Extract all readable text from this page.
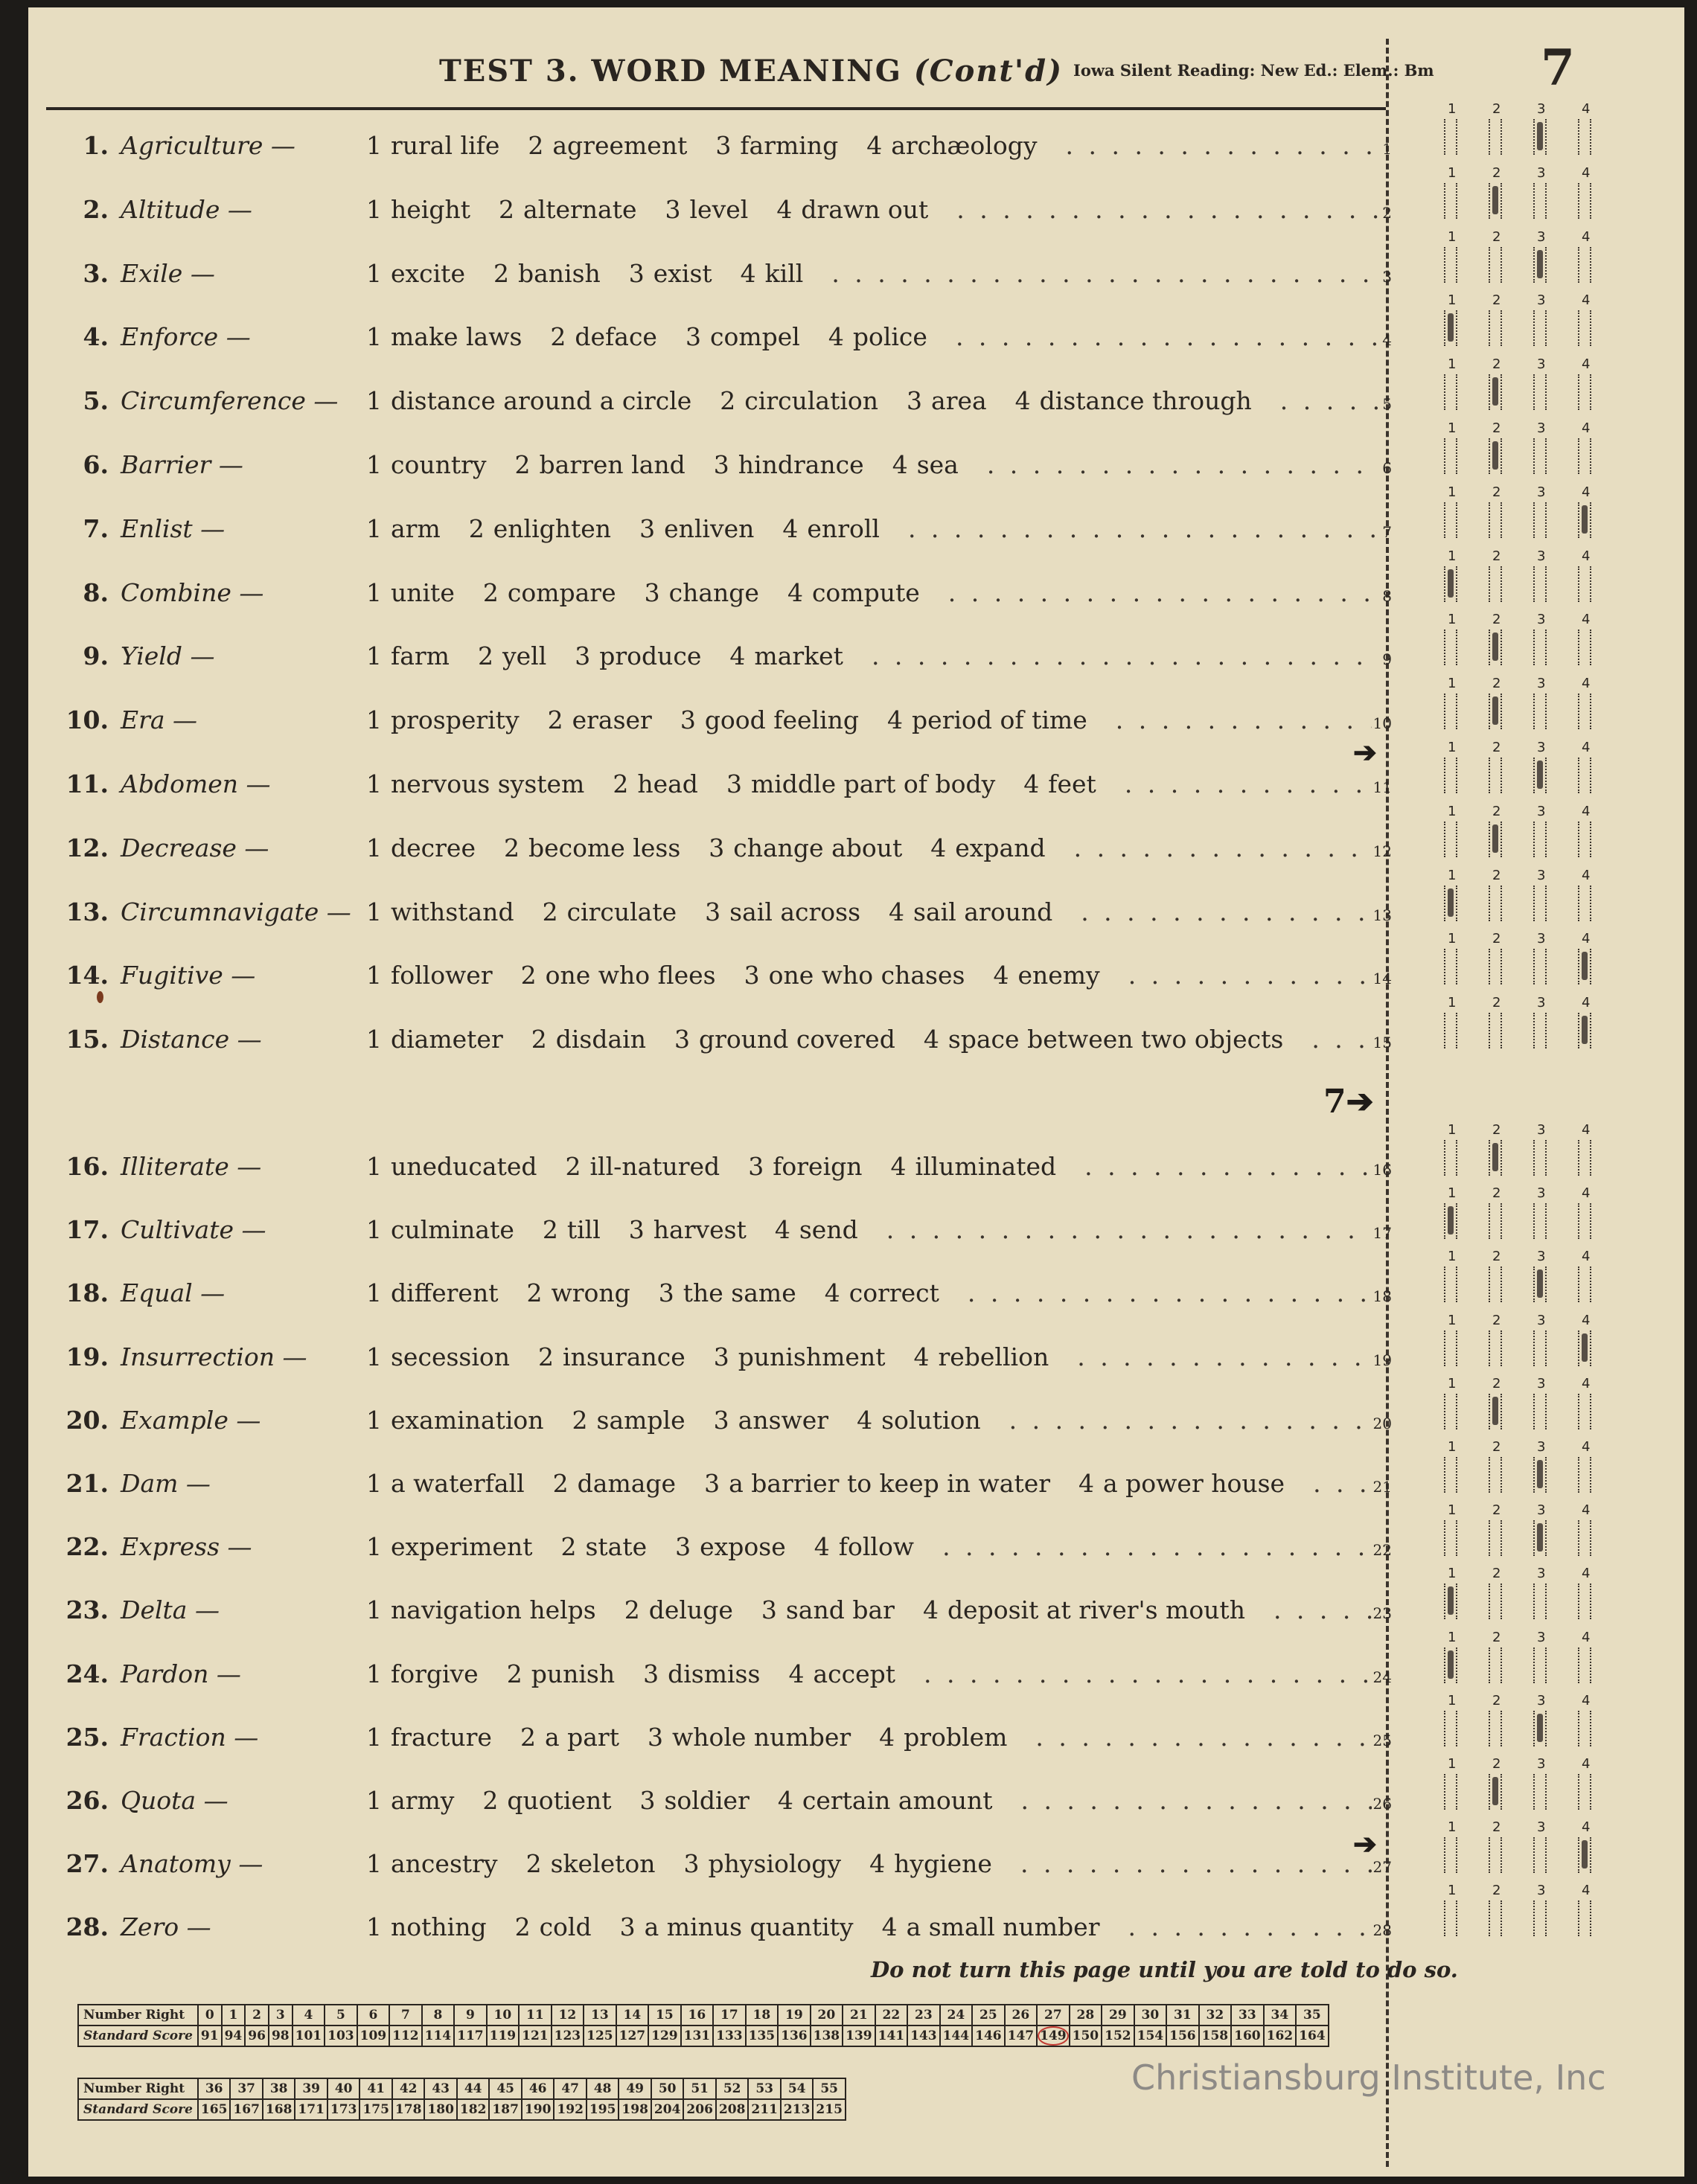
TEST 3. WORD MEANING (Cont'd) Iowa Silent Reading: New Ed.: Elem.: Bm 7
1. Agriculture —	1 rural life 2 agreement 3 farming 4 archæology . . .	1
2. Altitude —	1 height 2 alternate 3 level 4 drawn out . . .	2
3. Exile —	1 excite 2 banish 3 exist 4 kill . . .	3
4. Enforce —	1 make laws 2 deface 3 compel 4 police . . .	4
5. Circumference — 1 distance around a circle 2 circulation 3 area 4 distance through . . .	5
6. Barrier —	1 country 2 barren land 3 hindrance 4 sea . . .	6
7. Enlist —	1 arm 2 enlighten 3 enliven 4 enroll . . .	7
8. Combine —	1 unite 2 compare 3 change 4 compute . . .	8
9. Yield —	1 farm 2 yell 3 produce 4 market . . .	9
10. Era —	1 prosperity 2 eraser 3 good feeling 4 period of time . . .	10
11. Abdomen —	1 nervous system 2 head 3 middle part of body 4 feet . . .	11
12. Decrease —	1 decree 2 become less 3 change about 4 expand . . .	12
13. Circumnavigate — 1 withstand 2 circulate 3 sail across 4 sail around . . .	13
14. Fugitive —	1 follower 2 one who flees 3 one who chases 4 enemy . . .	14
15. Distance —	1 diameter 2 disdain 3 ground covered 4 space between two objects . . .	15
16. Illiterate —	1 uneducated 2 ill-natured 3 foreign 4 illuminated . . .	16
17. Cultivate —	1 culminate 2 till 3 harvest 4 send . . .	17
18. Equal —	1 different 2 wrong 3 the same 4 correct . . .	18
19. Insurrection — 1 secession 2 insurance 3 punishment 4 rebellion . . .	19
20. Example —	1 examination 2 sample 3 answer 4 solution . . .	20
21. Dam —	1 a waterfall 2 damage 3 a barrier to keep in water 4 a power house . . .	21
22. Express —	1 experiment 2 state 3 expose 4 follow . . .	22
23. Delta —	1 navigation helps 2 deluge 3 sand bar 4 deposit at river's mouth . . .	23
24. Pardon —	1 forgive 2 punish 3 dismiss 4 accept . . .	24
25. Fraction —	1 fracture 2 a part 3 whole number 4 problem . . .	25
26. Quota —	1 army 2 quotient 3 soldier 4 certain amount . . .	26
27. Anatomy —	1 ancestry 2 skeleton 3 physiology 4 hygiene . . .	27
28. Zero —	1 nothing 2 cold 3 a minus quantity 4 a small number . . .	28
1	2	3	4
1	2	3	4
1	2	3	4
1	2	3	4
1	2	3	4
1	2	3	4
1	2	3	4
1	2	3	4
1	2	3	4
1	2	3	4
1	2	3	4
1	2	3	4
1	2	3	4
1	2	3	4
1	2	3	4
1	2	3	4
1	2	3	4
1	2	3	4
1	2	3	4
1	2	3	4
1	2	3	4
1	2	3	4
1	2	3	4
1	2	3	4
1	2	3	4
1	2	3	4
1	2	3	4
1	2	3	4
➔
7➔
➔
Do not turn this page until you are told to do so.
Number Right	0	1	2	3	4	5	6	7	8	9	10	11	12	13	14	15	16	17	18	19	20	21	22	23	24	25	26	27	28	29	30	31	32	33	34	35
Standard Score	91	94	96	98	101	103	109	112	114	117	119	121	123	125	127	129	131	133	135	136	138	139	141	143	144	146	147	149	150	152	154	156	158	160	162	164
Number Right	36	37	38	39	40	41	42	43	44	45	46	47	48	49	50	51	52	53	54	55
Standard Score	165	167	168	171	173	175	178	180	182	187	190	192	195	198	204	206	208	211	213	215
Christiansburg Institute, Inc
